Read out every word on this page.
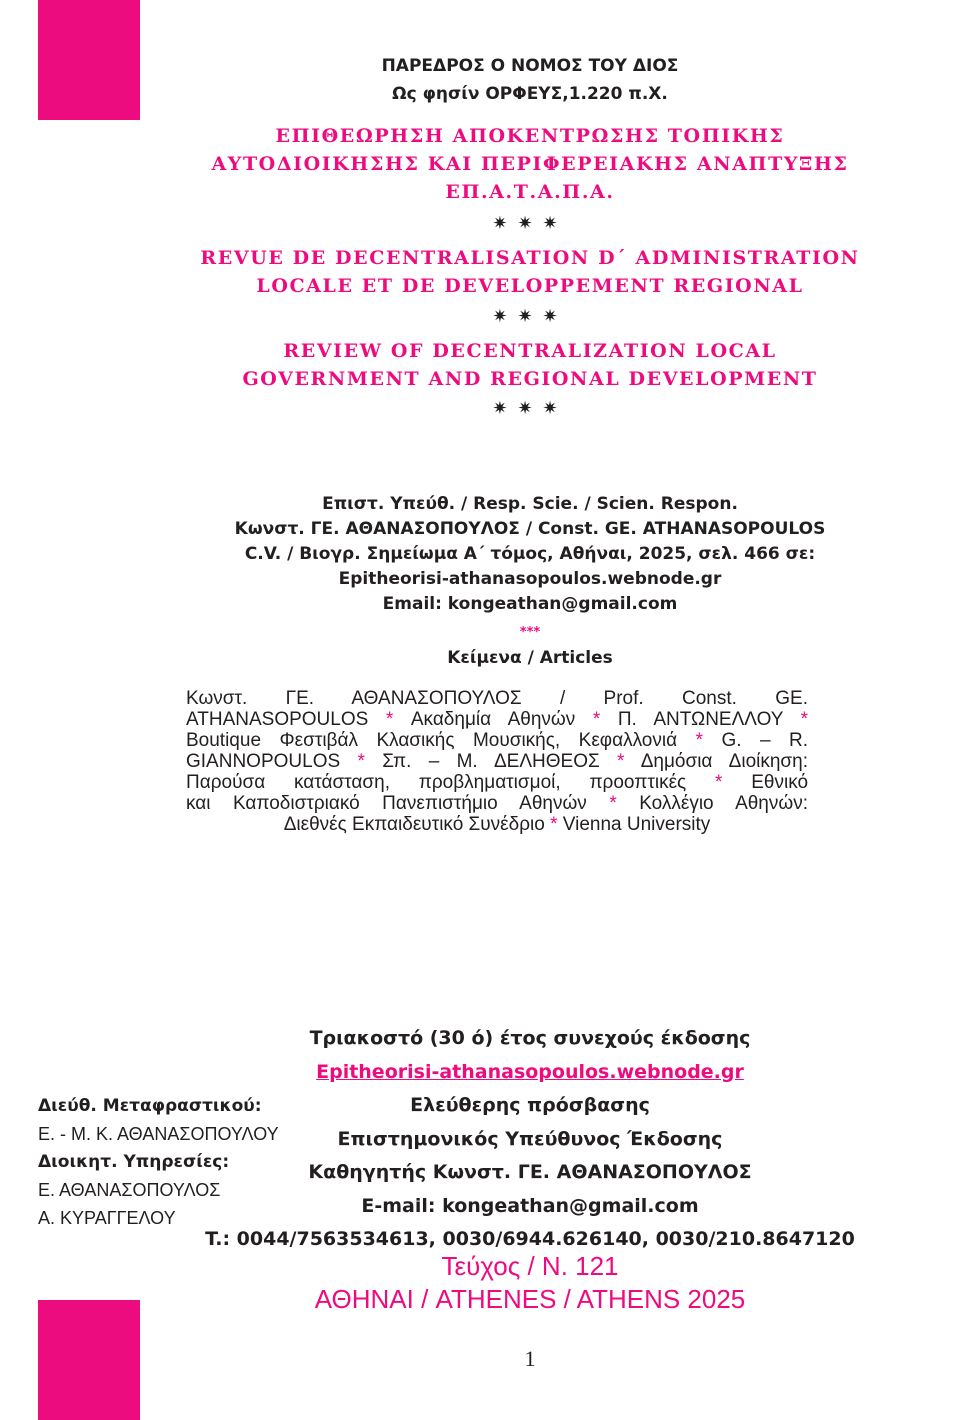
ΠΑΡΕΔΡΟΣ Ο ΝΟΜΟΣ ΤΟΥ ΔΙΟΣ
Ως φησίν ΟΡΦΕΥΣ,1.220 π.Χ.
ΕΠΙΘΕΩΡΗΣΗ ΑΠΟΚΕΝΤΡΩΣΗΣ ΤΟΠΙΚΗΣ
ΑΥΤΟΔΙΟΙΚΗΣΗΣ ΚΑΙ ΠΕΡΙΦΕΡΕΙΑΚΗΣ ΑΝΑΠΤΥΞΗΣ
ΕΠ.Α.Τ.Α.Π.Α.
✷✷✷
REVUE DE DECENTRALISATION D΄ ADMINISTRATION
LOCALE ET DE DEVELOPPEMENT REGIONAL
✷✷✷
REVIEW OF DECENTRALIZATION LOCAL
GOVERNMENT AND REGIONAL DEVELOPMENT
✷✷✷
Επιστ. Υπεύθ. / Resp. Scie. / Scien. Respon.
Κωνστ. ΓΕ. ΑΘΑΝΑΣΟΠΟΥΛΟΣ / Const. GE. ATHANASOPOULOS
C.V. / Βιογρ. Σημείωμα Α΄ τόμος, Αθήναι, 2025, σελ. 466 σε:
Epitheorisi-athanasopoulos.webnode.gr
Email: kongeathan@gmail.com
***
Κείμενα / Articles
Κωνστ. ΓΕ. ΑΘΑΝΑΣΟΠΟΥΛΟΣ / Prof. Const. GE.
ATHANASOPOULOS * Ακαδημία Αθηνών * Π. ΑΝΤΩΝΕΛΛΟΥ *
Boutique Φεστιβάλ Κλασικής Μουσικής, Κεφαλλονιά * G. – R.
GIANNOPOULOS * Σπ. – Μ. ΔΕΛΗΘΕΟΣ * Δημόσια Διοίκηση:
Παρούσα κατάσταση, προβληματισμοί, προοπτικές * Εθνικό
και Καποδιστριακό Πανεπιστήμιο Αθηνών * Κολλέγιο Αθηνών:
Διεθνές Εκπαιδευτικό Συνέδριο * Vienna University
Τριακοστό (30 ό) έτος συνεχούς έκδοσης
Epitheorisi-athanasopoulos.webnode.gr
Ελεύθερης πρόσβασης
Επιστημονικός Υπεύθυνος Έκδοσης
Καθηγητής Κωνστ. ΓΕ. ΑΘΑΝΑΣΟΠΟΥΛΟΣ
E-mail: kongeathan@gmail.com
T.: 0044/7563534613, 0030/6944.626140, 0030/210.8647120
Τεύχος / Ν. 121
ΑΘΗΝΑΙ / ATHENES / ATHENS 2025
Διεύθ. Μεταφραστικού:
Ε. - Μ. Κ. ΑΘΑΝΑΣΟΠΟΥΛΟΥ
Διοικητ. Υπηρεσίες:
Ε. ΑΘΑΝΑΣΟΠΟΥΛΟΣ
Α. ΚΥΡΑΓΓΕΛΟΥ
1
